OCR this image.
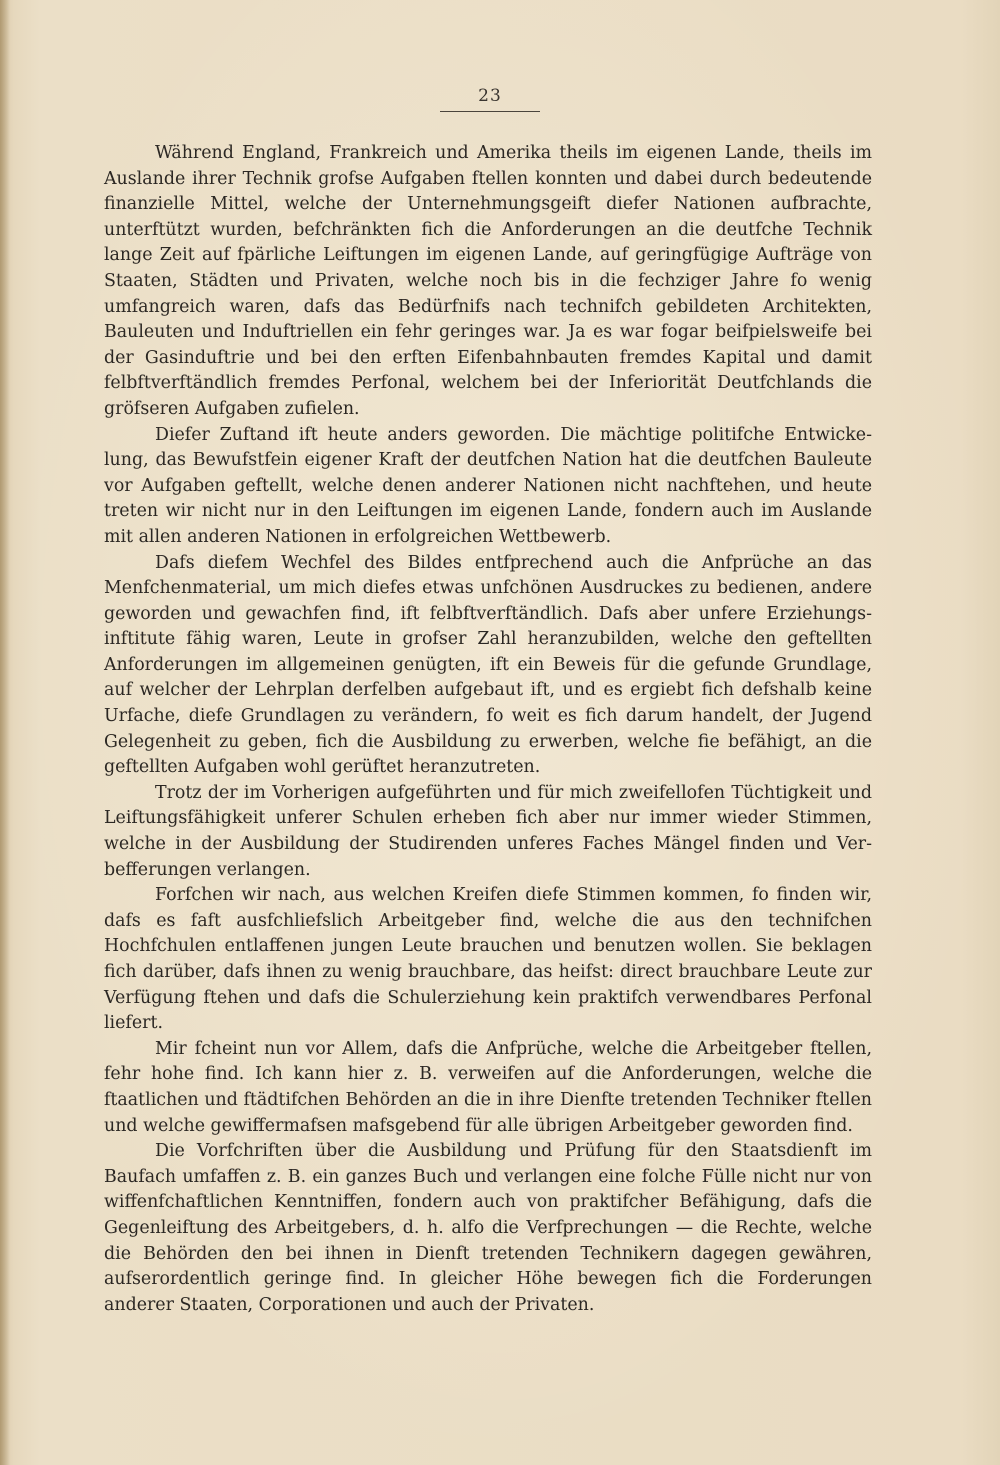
23

Während England, Frankreich und Amerika theils im eigenen Lande, theils im Auslande ihrer Technik grofse Aufgaben ftellen konnten und dabei durch bedeutende finanzielle Mittel, welche der Unternehmungsgeift diefer Nationen aufbrachte, unterftützt wurden, befchränkten fich die Anforderungen an die deutfche Technik lange Zeit auf fpärliche Leiftungen im eigenen Lande, auf geringfügige Aufträge von Staaten, Städten und Privaten, welche noch bis in die fechziger Jahre fo wenig umfangreich waren, dafs das Bedürfnifs nach technifch gebildeten Architekten, Bauleuten und Induftriellen ein fehr geringes war. Ja es war fogar beifpielsweife bei der Gasinduftrie und bei den erften Eifenbahnbauten fremdes Kapital und damit felbftverftändlich fremdes Perfonal, welchem bei der Inferiorität Deutfchlands die gröfseren Aufgaben zufielen.

Diefer Zuftand ift heute anders geworden. Die mächtige politifche Entwickelung, das Bewufstfein eigener Kraft der deutfchen Nation hat die deutfchen Bauleute vor Aufgaben geftellt, welche denen anderer Nationen nicht nachftehen, und heute treten wir nicht nur in den Leiftungen im eigenen Lande, fondern auch im Auslande mit allen anderen Nationen in erfolgreichen Wettbewerb.

Dafs diefem Wechfel des Bildes entfprechend auch die Anfprüche an das Menfchenmaterial, um mich diefes etwas unfchönen Ausdruckes zu bedienen, andere geworden und gewachfen find, ift felbftverftändlich. Dafs aber unfere Erziehungsinftitute fähig waren, Leute in grofser Zahl heranzubilden, welche den geftellten Anforderungen im allgemeinen genügten, ift ein Beweis für die gefunde Grundlage, auf welcher der Lehrplan derfelben aufgebaut ift, und es ergiebt fich defshalb keine Urfache, diefe Grundlagen zu verändern, fo weit es fich darum handelt, der Jugend Gelegenheit zu geben, fich die Ausbildung zu erwerben, welche fie befähigt, an die geftellten Aufgaben wohl gerüftet heranzutreten.

Trotz der im Vorherigen aufgeführten und für mich zweifellofen Tüchtigkeit und Leiftungsfähigkeit unferer Schulen erheben fich aber nur immer wieder Stimmen, welche in der Ausbildung der Studirenden unferes Faches Mängel finden und Verbefferungen verlangen.

Forfchen wir nach, aus welchen Kreifen diefe Stimmen kommen, fo finden wir, dafs es faft ausfchliefslich Arbeitgeber find, welche die aus den technifchen Hochfchulen entlaffenen jungen Leute brauchen und benutzen wollen. Sie beklagen fich darüber, dafs ihnen zu wenig brauchbare, das heifst: direct brauchbare Leute zur Verfügung ftehen und dafs die Schulerziehung kein praktifch verwendbares Perfonal liefert.

Mir fcheint nun vor Allem, dafs die Anfprüche, welche die Arbeitgeber ftellen, fehr hohe find. Ich kann hier z. B. verweifen auf die Anforderungen, welche die ftaatlichen und ftädtifchen Behörden an die in ihre Dienfte tretenden Techniker ftellen und welche gewiffermafsen mafsgebend für alle übrigen Arbeitgeber geworden find.

Die Vorfchriften über die Ausbildung und Prüfung für den Staatsdienft im Baufach umfaffen z. B. ein ganzes Buch und verlangen eine folche Fülle nicht nur von wiffenfchaftlichen Kenntniffen, fondern auch von praktifcher Befähigung, dafs die Gegenleiftung des Arbeitgebers, d. h. alfo die Verfprechungen — die Rechte, welche die Behörden den bei ihnen in Dienft tretenden Technikern dagegen gewähren, aufserordentlich geringe find. In gleicher Höhe bewegen fich die Forderungen anderer Staaten, Corporationen und auch der Privaten.
